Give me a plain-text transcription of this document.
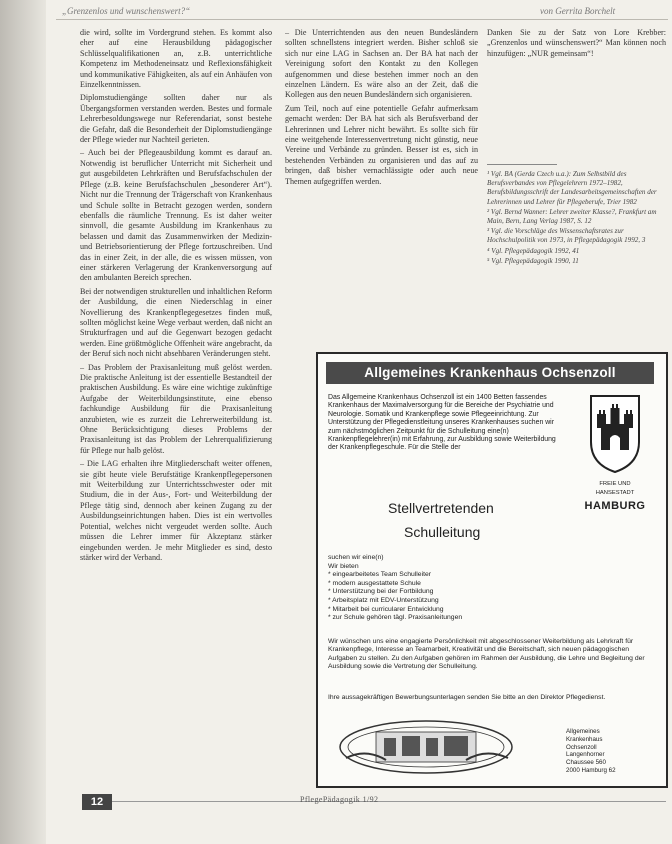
„Grenzenlos und wunschenswert?“	von Gerrita Borchelt

die wird, sollte im Vordergrund stehen. Es kommt also eher auf eine Herausbildung pädagogischer Schlüsselqualifikationen an, z.B. unterrichtliche Kompetenz im Methodeneinsatz und Reflexionsfähigkeit und kommunikative Fähigkeiten, als auf ein Anhäufen von Einzelkenntnissen.

Diplomstudiengänge sollten daher nur als Übergangsformen verstanden werden. Bestes und formale Lehrerbesoldungswege nur Referendariat, sonst bestehe die Gefahr, daß die Besonderheit der Diplomstudiengänge der Pflege wieder nur Nachteil gerieten.

– Auch bei der Pflegeausbildung kommt es darauf an. Notwendig ist beruflicher Unterricht mit Sicherheit und gut ausgebildeten Lehrkräften und Berufsfachschulen der Pflege (z.B. keine Berufsfachschulen „besonderer Art“). Nicht nur die Trennung der Trägerschaft von Krankenhaus und Schule sollte in Betracht gezogen werden, sondern ebenfalls die räumliche Trennung. Es ist daher weiter sinnvoll, die gesamte Ausbildung im Krankenhaus zu belassen und damit das Zusammenwirken der Medizin- und Betriebsorientierung der Pflege fortzuschreiben. Und das in einer Zeit, in der alle, die es wissen müssen, von einer stärkeren Verlagerung der Krankenversorgung auf den ambulanten Bereich sprechen.

Bei der notwendigen strukturellen und inhaltlichen Reform der Ausbildung, die einen Niederschlag in einer Novellierung des Krankenpflegegesetzes finden muß, sollten möglichst keine Wege verbaut werden, daß nicht an Strukturfragen und auf die Gegenwart bezogen gedacht werden. Eine größtmögliche Offenheit wäre angebracht, da der Beruf sich noch nicht absehbaren Veränderungen steht.

– Das Problem der Praxisanleitung muß gelöst werden. Die praktische Anleitung ist der essentielle Bestandteil der praktischen Ausbildung. Es wäre eine wichtige zukünftige Aufgabe der Weiterbildungsinstitute, eine ebenso fachkundige Ausbildung für die Praxisanleitung anzubieten, wie es zurzeit die Lehrerweiterbildung ist. Ohne Berücksichtigung dieses Problems der Praxisanleitung ist das Problem der Lehrerqualifizierung für Pflege nur halb gelöst.

– Die LAG erhalten ihre Mitgliederschaft weiter offenen, sie gibt heute viele Berufstätige Krankenpflegepersonen mit Weiterbildung zur Unterrichtsschwester oder mit Studium, die in der Aus-, Fort- und Weiterbildung der Pflege tätig sind, dennoch aber keinen Zugang zu der Ausbildungseinrichtungen haben. Dies ist ein wertvolles Potential, welches nicht vergeudet werden sollte. Auch müssen die Lehrer immer für Akzeptanz stärker eingebunden werden. Je mehr Mitglieder es sind, desto stärker wird der Verband.

– Die Unterrichtenden aus den neuen Bundesländern sollten schnellstens integriert werden. Bisher schloß sie sich nur eine LAG in Sachsen an. Der BA hat nach der Vereinigung sofort den Kontakt zu den Kollegen aufgenommen und diese bestehen immer noch an den einzelnen Ländern. Es wäre also an der Zeit, daß die Kollegen aus den neuen Bundesländern sich organisieren.

Zum Teil, noch auf eine potentielle Gefahr aufmerksam gemacht werden: Der BA hat sich als Berufsverband der Lehrerinnen und Lehrer nicht bewährt. Es sollte sich für eine weitgehende Interessenvertretung nicht günstig, neue Vereine und Verbände zu gründen. Besser ist es, sich in bestehenden Verbänden zu organisieren und das auf zu bringen, daß bisher vernachlässigte oder auch neue Themen aufgegriffen werden.

Danken Sie zu der Satz von Lore Krebber: „Grenzenlos und wünschenswert?“ Man können noch hinzufügen: „NUR gemeinsam“!

¹ Vgl. BA (Gerda Czech u.a.): Zum Selbstbild des Berufsverbandes von Pflegelehrern 1972–1982, Berufsbildungsschrift der Landesarbeitsgemeinschaften der Lehrerinnen und Lehrer für Pflegeberufe, Trier 1982
² Vgl. Bernd Wanner: Lehrer zweiter Klasse?, Frankfurt am Main, Bern, Lang Verlag 1987, S. 12
³ Vgl. die Vorschläge des Wissenschaftsrates zur Hochschulpolitik von 1973, in Pflegepädagogik 1992, 3
⁴ Vgl. Pflegepädagogik 1992, 41
⁵ Vgl. Pflegepädagogik 1990, 11
Allgemeines Krankenhaus Ochsenzoll
Das Allgemeine Krankenhaus Ochsenzoll ist ein 1400 Betten fassendes Krankenhaus der Maximalversorgung für die Bereiche der Psychiatrie und Neurologie. Somatik und Krankenpflege sowie Pflegeeinrichtung. Zur Unterstützung der Pflegedienstleitung unseres Krankenhauses suchen wir zum nächstmöglichen Zeitpunkt für die Schulleitung eine(n) Krankenpflegelehrer(in) mit Erfahrung, zur Ausbildung sowie Weiterbildung der Krankenpflegeschule. Für die Stelle der
FREIE UND
HANSESTADT
HAMBURG
Stellvertretenden
Schulleitung
suchen wir eine(n)
Wir bieten
* eingearbeitetes Team Schulleiter
* modern ausgestattete Schule
* Unterstützung bei der Fortbildung
* Arbeitsplatz mit EDV-Unterstützung
* Mitarbeit bei curricularer Entwicklung
* zur Schule gehören tägl. Praxisanleitungen
Wir wünschen uns eine engagierte Persönlichkeit mit abgeschlossener Weiterbildung als Lehrkraft für Krankenpflege, Interesse an Teamarbeit, Kreativität und die Bereitschaft, sich neuen pädagogischen Aufgaben zu stellen. Zu den Aufgaben gehören im Rahmen der Ausbildung, die Lehre und Begleitung der Ausbildung sowie die Vertretung der Schulleitung.
Ihre aussagekräftigen Bewerbungsunterlagen senden Sie bitte an den Direktor Pflegedienst.
Allgemeines
Krankenhaus
Ochsenzoll
Langenhorner
Chaussee 560
2000 Hamburg 62
12	PflegePädagogik 1/92
